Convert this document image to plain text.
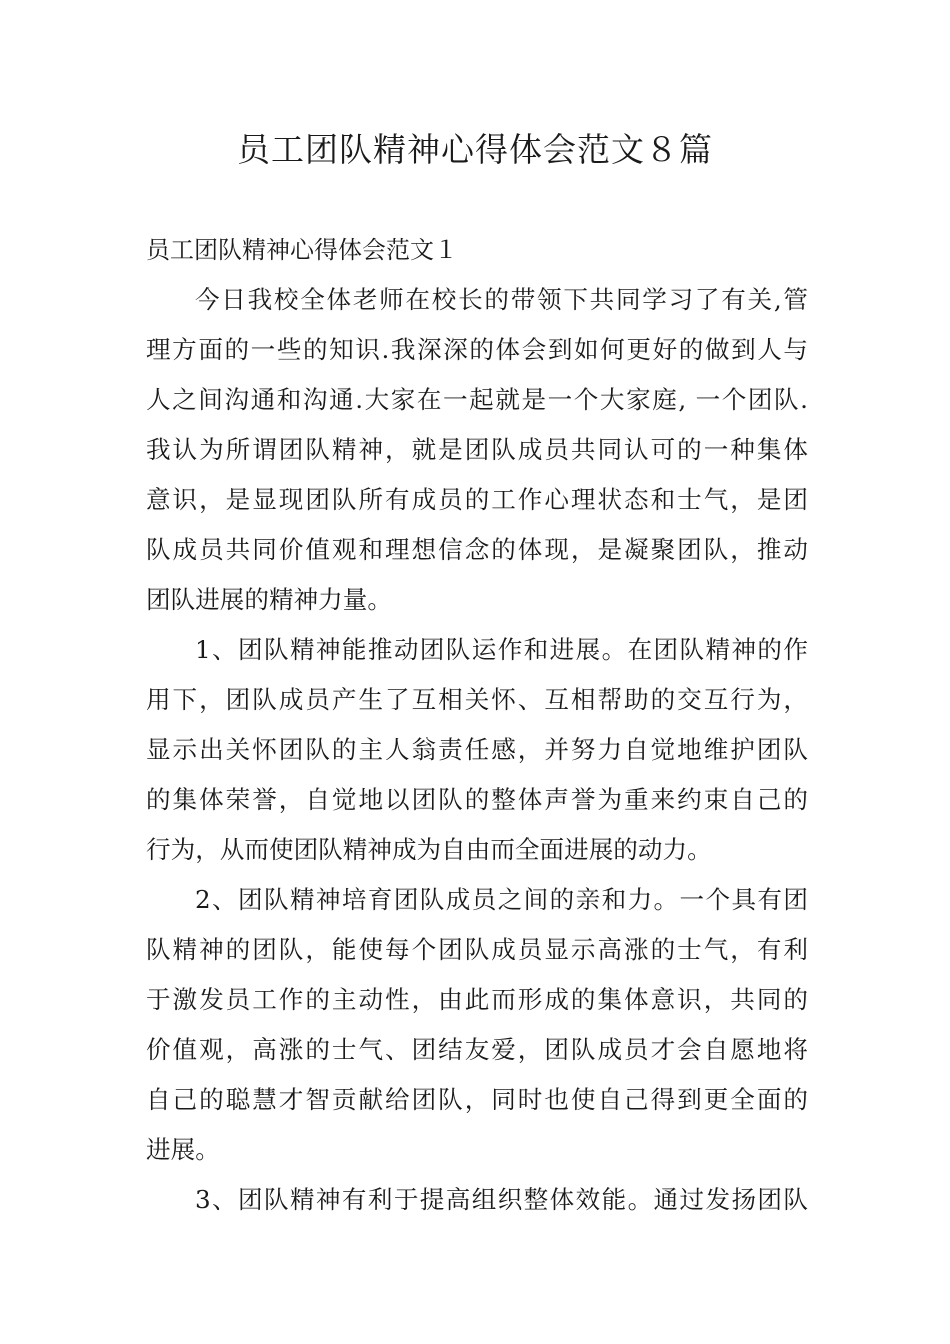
员工团队精神心得体会范文８篇

员工团队精神心得体会范文１

今日我校全体老师在校长的带领下共同学习了有关,管

理方面的一些的知识.我深深的体会到如何更好的做到人与

人之间沟通和沟通.大家在一起就是一个大家庭, 一个团队.

我认为所谓团队精神，就是团队成员共同认可的一种集体

意识，是显现团队所有成员的工作心理状态和士气，是团

队成员共同价值观和理想信念的体现，是凝聚团队，推动

团队进展的精神力量。

1、团队精神能推动团队运作和进展。在团队精神的作

用下，团队成员产生了互相关怀、互相帮助的交互行为，

显示出关怀团队的主人翁责任感，并努力自觉地维护团队

的集体荣誉，自觉地以团队的整体声誉为重来约束自己的

行为，从而使团队精神成为自由而全面进展的动力。

2、团队精神培育团队成员之间的亲和力。一个具有团

队精神的团队，能使每个团队成员显示高涨的士气，有利

于激发员工作的主动性，由此而形成的集体意识，共同的

价值观，高涨的士气、团结友爱，团队成员才会自愿地将

自己的聪慧才智贡献给团队，同时也使自己得到更全面的

进展。

3、团队精神有利于提高组织整体效能。通过发扬团队
